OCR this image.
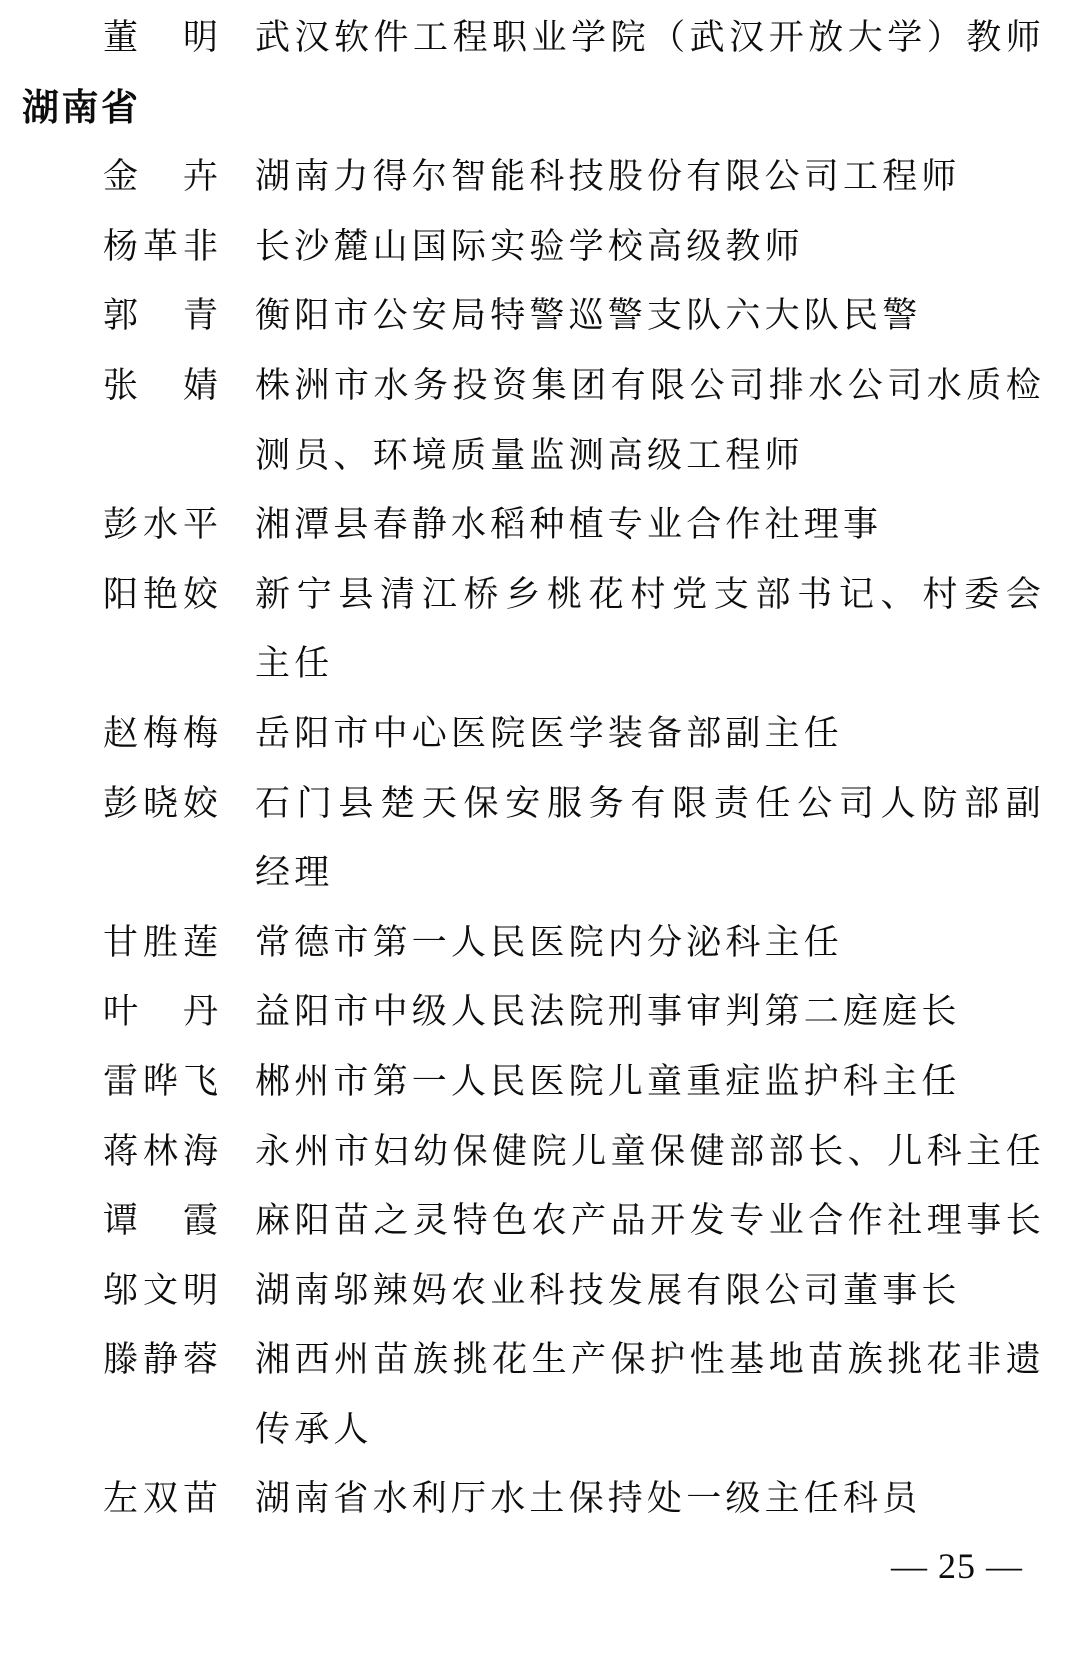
董明 武汉软件工程职业学院（武汉开放大学）教师
湖南省
金卉 湖南力得尔智能科技股份有限公司工程师
杨革非 长沙麓山国际实验学校高级教师
郭青 衡阳市公安局特警巡警支队六大队民警
张婧 株洲市水务投资集团有限公司排水公司水质检
测员、环境质量监测高级工程师
彭水平 湘潭县春静水稻种植专业合作社理事
阳艳姣 新宁县清江桥乡桃花村党支部书记、村委会
主任
赵梅梅 岳阳市中心医院医学装备部副主任
彭晓姣 石门县楚天保安服务有限责任公司人防部副
经理
甘胜莲 常德市第一人民医院内分泌科主任
叶丹 益阳市中级人民法院刑事审判第二庭庭长
雷晔飞 郴州市第一人民医院儿童重症监护科主任
蒋林海 永州市妇幼保健院儿童保健部部长、儿科主任
谭霞 麻阳苗之灵特色农产品开发专业合作社理事长
邬文明 湖南邬辣妈农业科技发展有限公司董事长
滕静蓉 湘西州苗族挑花生产保护性基地苗族挑花非遗
传承人
左双苗 湖南省水利厅水土保持处一级主任科员
— 25 —
